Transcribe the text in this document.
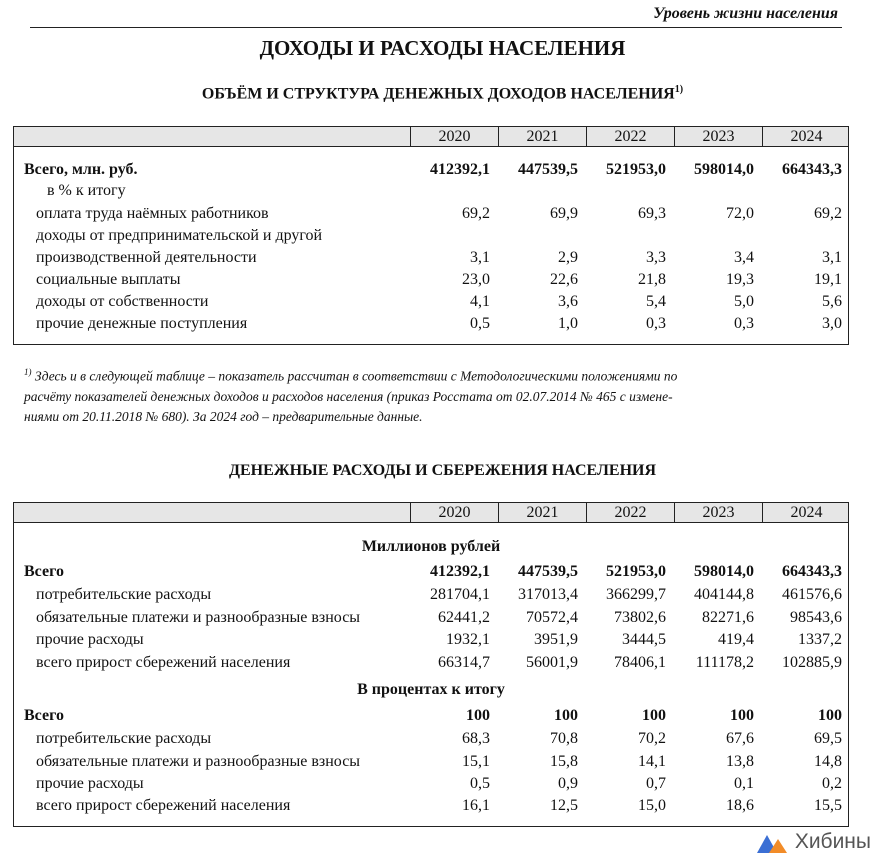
Уровень жизни населения
ДОХОДЫ И РАСХОДЫ НАСЕЛЕНИЯ
ОБЪЁМ И СТРУКТУРА ДЕНЕЖНЫХ ДОХОДОВ НАСЕЛЕНИЯ$^{1)}$
2020	2021	2022	2023	2024
Всего, млн. руб.	412392,1	447539,5	521953,0	598014,0	664343,3
в % к итогу
оплата труда наёмных работников	69,2	69,9	69,3	72,0	69,2
доходы от предпринимательской и другой
производственной деятельности	3,1	2,9	3,3	3,4	3,1
социальные выплаты	23,0	22,6	21,8	19,3	19,1
доходы от собственности	4,1	3,6	5,4	5,0	5,6
прочие денежные поступления	0,5	1,0	0,3	0,3	3,0
$^{1)}$ Здесь и в следующей таблице – показатель рассчитан в соответствии с Методологическими положениями по
расчёту показателей денежных доходов и расходов населения (приказ Росстата от 02.07.2014 № 465 с измене-
ниями от 20.11.2018 № 680). За 2024 год – предварительные данные.
ДЕНЕЖНЫЕ РАСХОДЫ И СБЕРЕЖЕНИЯ НАСЕЛЕНИЯ
2020	2021	2022	2023	2024
Миллионов рублей
Всего	412392,1	447539,5	521953,0	598014,0	664343,3
потребительские расходы	281704,1	317013,4	366299,7	404144,8	461576,6
обязательные платежи и разнообразные взносы	62441,2	70572,4	73802,6	82271,6	98543,6
прочие расходы	1932,1	3951,9	3444,5	419,4	1337,2
всего прирост сбережений населения	66314,7	56001,9	78406,1	111178,2	102885,9
В процентах к итогу
Всего	100	100	100	100	100
потребительские расходы	68,3	70,8	70,2	67,6	69,5
обязательные платежи и разнообразные взносы	15,1	15,8	14,1	13,8	14,8
прочие расходы	0,5	0,9	0,7	0,1	0,2
всего прирост сбережений населения	16,1	12,5	15,0	18,6	15,5
Хибины
